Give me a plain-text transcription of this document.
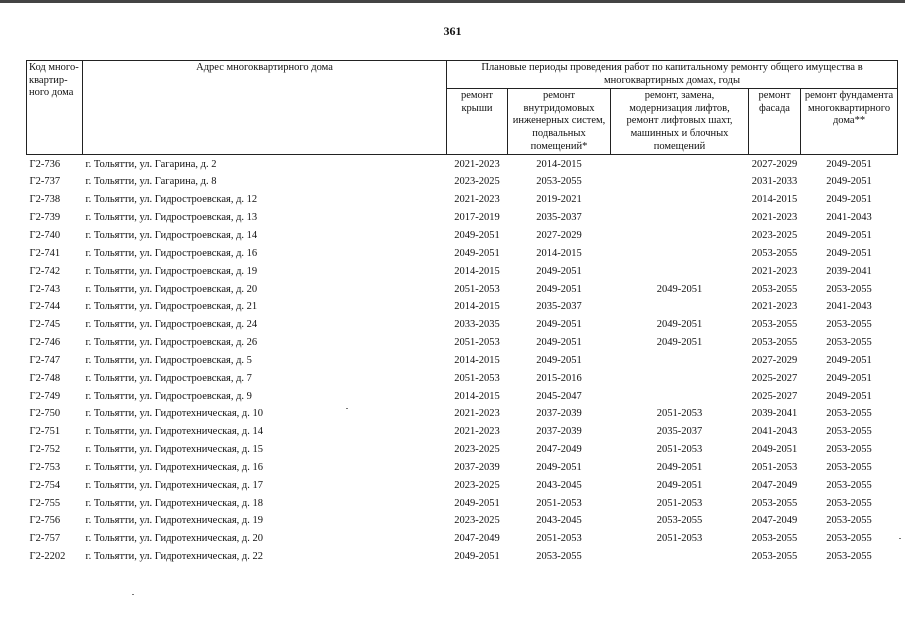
361
Код много-квартир-ного дома	Адрес многоквартирного дома	Плановые периоды проведения работ по капитальному ремонту общего имущества в многоквартирных домах, годы				
		ремонт крыши	ремонт внутридомовых инженерных систем, подвальных помещений*	ремонт, замена, модернизация лифтов, ремонт лифтовых шахт, машинных и блочных помещений	ремонт фасада	ремонт фундамента многоквартирного дома**
Г2-736	г. Тольятти, ул. Гагарина, д. 2	2021-2023	2014-2015		2027-2029	2049-2051
Г2-737	г. Тольятти, ул. Гагарина, д. 8	2023-2025	2053-2055		2031-2033	2049-2051
Г2-738	г. Тольятти, ул. Гидростроевская, д. 12	2021-2023	2019-2021		2014-2015	2049-2051
Г2-739	г. Тольятти, ул. Гидростроевская, д. 13	2017-2019	2035-2037		2021-2023	2041-2043
Г2-740	г. Тольятти, ул. Гидростроевская, д. 14	2049-2051	2027-2029		2023-2025	2049-2051
Г2-741	г. Тольятти, ул. Гидростроевская, д. 16	2049-2051	2014-2015		2053-2055	2049-2051
Г2-742	г. Тольятти, ул. Гидростроевская, д. 19	2014-2015	2049-2051		2021-2023	2039-2041
Г2-743	г. Тольятти, ул. Гидростроевская, д. 20	2051-2053	2049-2051	2049-2051	2053-2055	2053-2055
Г2-744	г. Тольятти, ул. Гидростроевская, д. 21	2014-2015	2035-2037		2021-2023	2041-2043
Г2-745	г. Тольятти, ул. Гидростроевская, д. 24	2033-2035	2049-2051	2049-2051	2053-2055	2053-2055
Г2-746	г. Тольятти, ул. Гидростроевская, д. 26	2051-2053	2049-2051	2049-2051	2053-2055	2053-2055
Г2-747	г. Тольятти, ул. Гидростроевская, д. 5	2014-2015	2049-2051		2027-2029	2049-2051
Г2-748	г. Тольятти, ул. Гидростроевская, д. 7	2051-2053	2015-2016		2025-2027	2049-2051
Г2-749	г. Тольятти, ул. Гидростроевская, д. 9	2014-2015	2045-2047		2025-2027	2049-2051
Г2-750	г. Тольятти, ул. Гидротехническая, д. 10	2021-2023	2037-2039	2051-2053	2039-2041	2053-2055
Г2-751	г. Тольятти, ул. Гидротехническая, д. 14	2021-2023	2037-2039	2035-2037	2041-2043	2053-2055
Г2-752	г. Тольятти, ул. Гидротехническая, д. 15	2023-2025	2047-2049	2051-2053	2049-2051	2053-2055
Г2-753	г. Тольятти, ул. Гидротехническая, д. 16	2037-2039	2049-2051	2049-2051	2051-2053	2053-2055
Г2-754	г. Тольятти, ул. Гидротехническая, д. 17	2023-2025	2043-2045	2049-2051	2047-2049	2053-2055
Г2-755	г. Тольятти, ул. Гидротехническая, д. 18	2049-2051	2051-2053	2051-2053	2053-2055	2053-2055
Г2-756	г. Тольятти, ул. Гидротехническая, д. 19	2023-2025	2043-2045	2053-2055	2047-2049	2053-2055
Г2-757	г. Тольятти, ул. Гидротехническая, д. 20	2047-2049	2051-2053	2051-2053	2053-2055	2053-2055
Г2-2202	г. Тольятти, ул. Гидротехническая, д. 22	2049-2051	2053-2055		2053-2055	2053-2055
